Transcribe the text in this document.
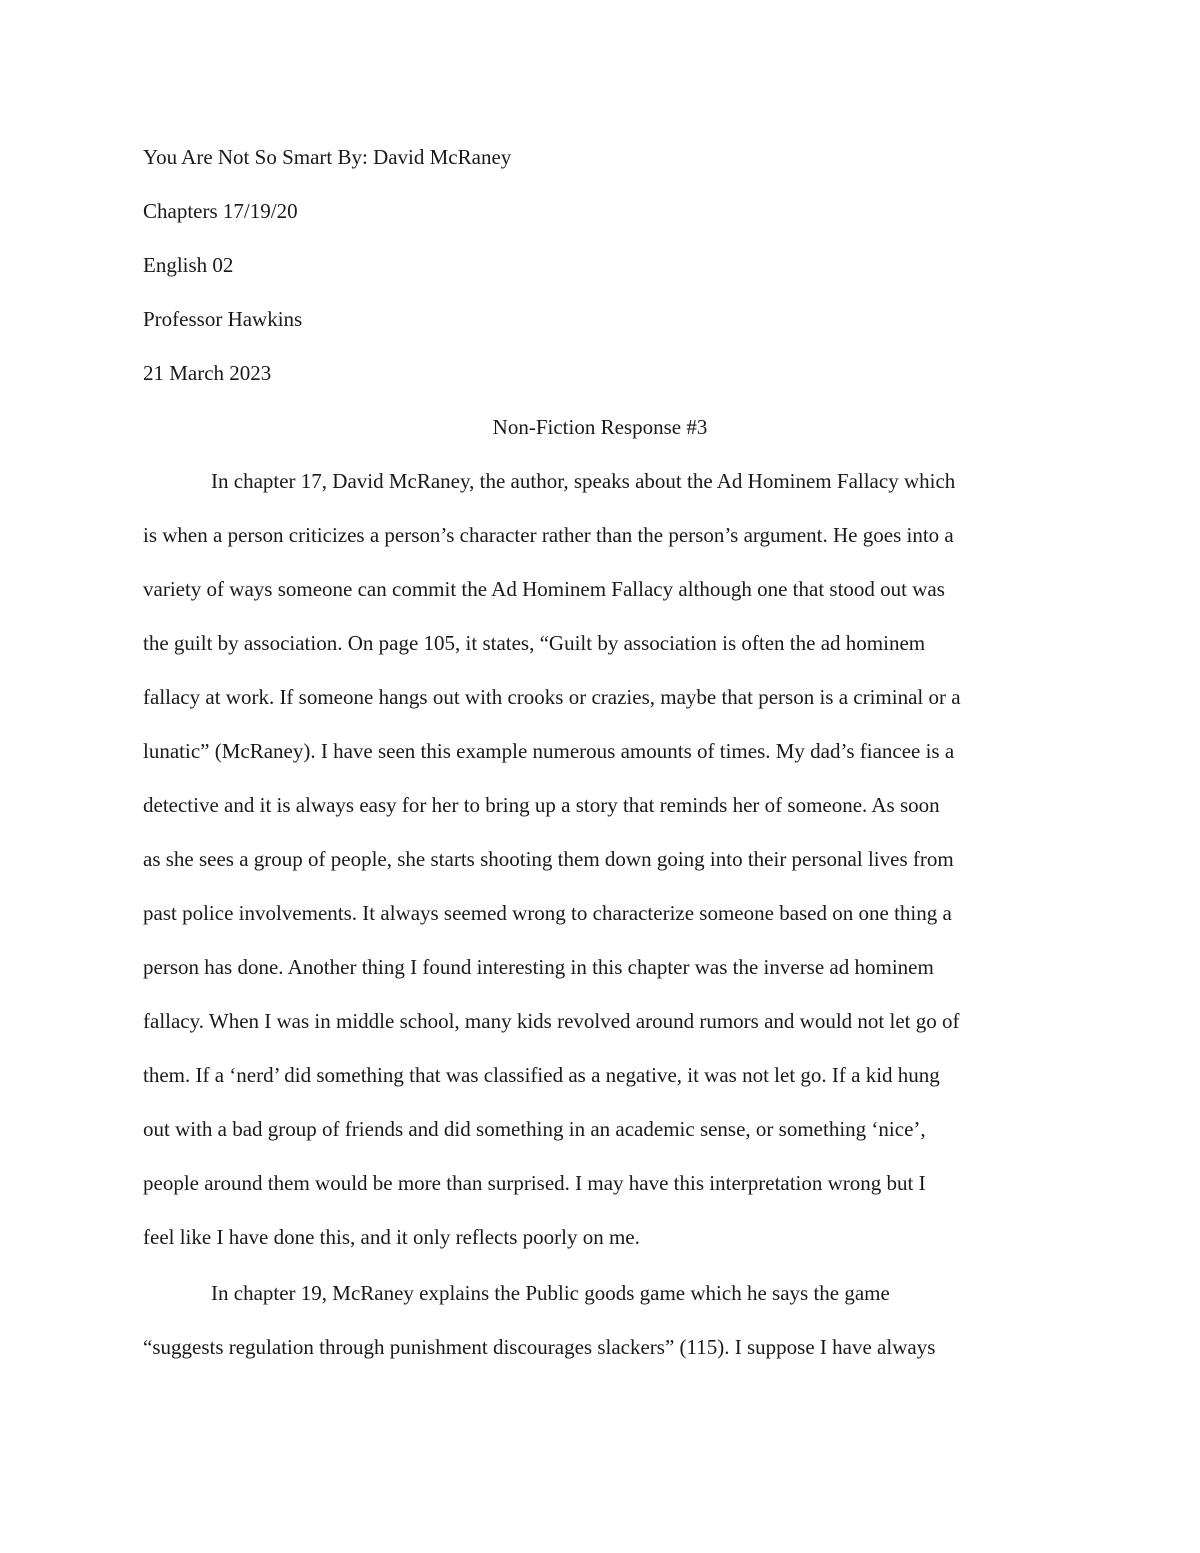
You Are Not So Smart By: David McRaney
Chapters 17/19/20
English 02
Professor Hawkins
21 March 2023
Non-Fiction Response #3
In chapter 17, David McRaney, the author, speaks about the Ad Hominem Fallacy which
is when a person criticizes a person’s character rather than the person’s argument. He goes into a
variety of ways someone can commit the Ad Hominem Fallacy although one that stood out was
the guilt by association. On page 105, it states, “Guilt by association is often the ad hominem
fallacy at work. If someone hangs out with crooks or crazies, maybe that person is a criminal or a
lunatic” (McRaney). I have seen this example numerous amounts of times. My dad’s fiancee is a
detective and it is always easy for her to bring up a story that reminds her of someone. As soon
as she sees a group of people, she starts shooting them down going into their personal lives from
past police involvements. It always seemed wrong to characterize someone based on one thing a
person has done. Another thing I found interesting in this chapter was the inverse ad hominem
fallacy. When I was in middle school, many kids revolved around rumors and would not let go of
them. If a ‘nerd’ did something that was classified as a negative, it was not let go. If a kid hung
out with a bad group of friends and did something in an academic sense, or something ‘nice’,
people around them would be more than surprised. I may have this interpretation wrong but I
feel like I have done this, and it only reflects poorly on me.
In chapter 19, McRaney explains the Public goods game which he says the game
“suggests regulation through punishment discourages slackers” (115). I suppose I have always
